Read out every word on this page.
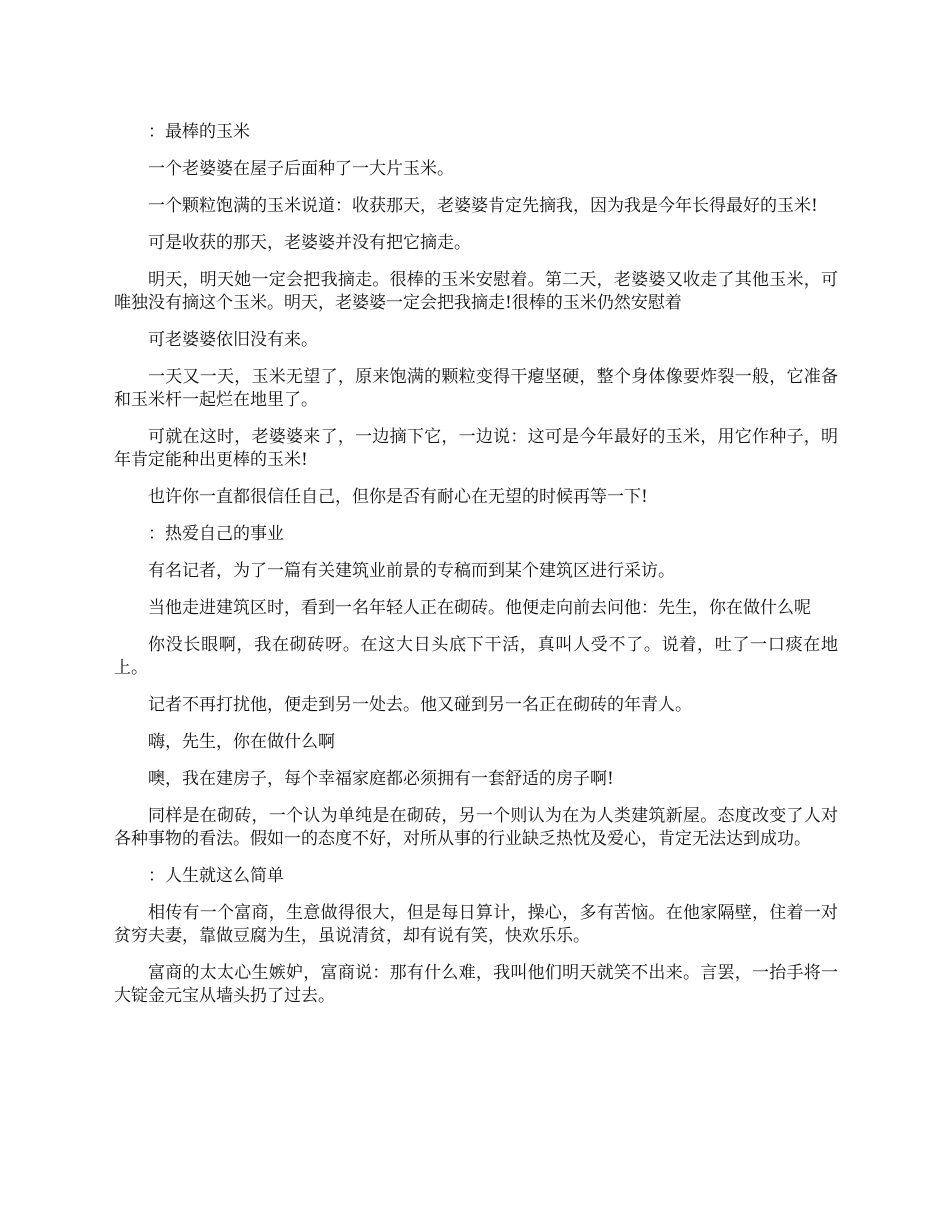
：最棒的玉米

一个老婆婆在屋子后面种了一大片玉米。

一个颗粒饱满的玉米说道：收获那天，老婆婆肯定先摘我，因为我是今年长得最好的玉米!

可是收获的那天，老婆婆并没有把它摘走。

明天，明天她一定会把我摘走。很棒的玉米安慰着。第二天，老婆婆又收走了其他玉米，可唯独没有摘这个玉米。明天，老婆婆一定会把我摘走!很棒的玉米仍然安慰着

可老婆婆依旧没有来。

一天又一天，玉米无望了，原来饱满的颗粒变得干瘪坚硬，整个身体像要炸裂一般，它准备和玉米杆一起烂在地里了。

可就在这时，老婆婆来了，一边摘下它，一边说：这可是今年最好的玉米，用它作种子，明年肯定能种出更棒的玉米!

也许你一直都很信任自己，但你是否有耐心在无望的时候再等一下!

：热爱自己的事业

有名记者，为了一篇有关建筑业前景的专稿而到某个建筑区进行采访。

当他走进建筑区时，看到一名年轻人正在砌砖。他便走向前去问他：先生，你在做什么呢

你没长眼啊，我在砌砖呀。在这大日头底下干活，真叫人受不了。说着，吐了一口痰在地上。

记者不再打扰他，便走到另一处去。他又碰到另一名正在砌砖的年青人。

嗨，先生，你在做什么啊

噢，我在建房子，每个幸福家庭都必须拥有一套舒适的房子啊!

同样是在砌砖，一个认为单纯是在砌砖，另一个则认为在为人类建筑新屋。态度改变了人对各种事物的看法。假如一的态度不好，对所从事的行业缺乏热忱及爱心，肯定无法达到成功。

：人生就这么简单

相传有一个富商，生意做得很大，但是每日算计，操心，多有苦恼。在他家隔壁，住着一对贫穷夫妻，靠做豆腐为生，虽说清贫，却有说有笑，快欢乐乐。

富商的太太心生嫉妒，富商说：那有什么难，我叫他们明天就笑不出来。言罢，一抬手将一大锭金元宝从墙头扔了过去。
